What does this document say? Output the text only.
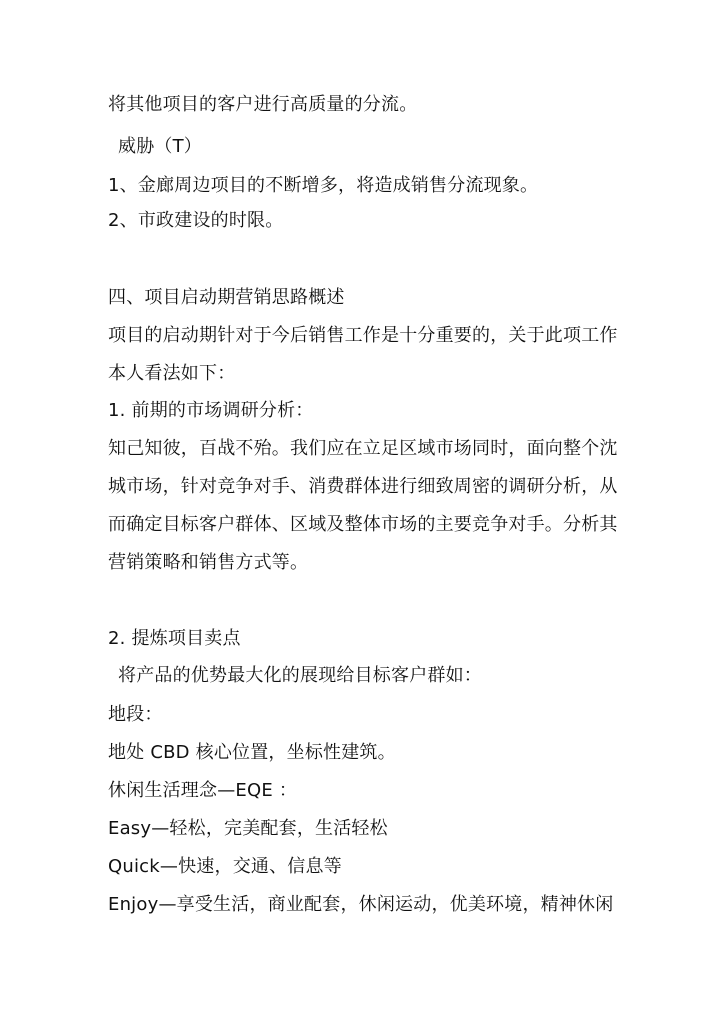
将其他项目的客户进行高质量的分流。
威胁（T）
1、金廊周边项目的不断增多，将造成销售分流现象。
2、市政建设的时限。
四、项目启动期营销思路概述
项目的启动期针对于今后销售工作是十分重要的，关于此项工作
本人看法如下：
1. 前期的市场调研分析：
知己知彼，百战不殆。我们应在立足区域市场同时，面向整个沈
城市场，针对竞争对手、消费群体进行细致周密的调研分析，从
而确定目标客户群体、区域及整体市场的主要竞争对手。分析其
营销策略和销售方式等。
2. 提炼项目卖点
将产品的优势最大化的展现给目标客户群如：
地段：
地处 CBD 核心位置，坐标性建筑。
休闲生活理念—EQE ：
Easy—轻松，完美配套，生活轻松
Quick—快速，交通、信息等
Enjoy—享受生活，商业配套，休闲运动，优美环境，精神休闲
